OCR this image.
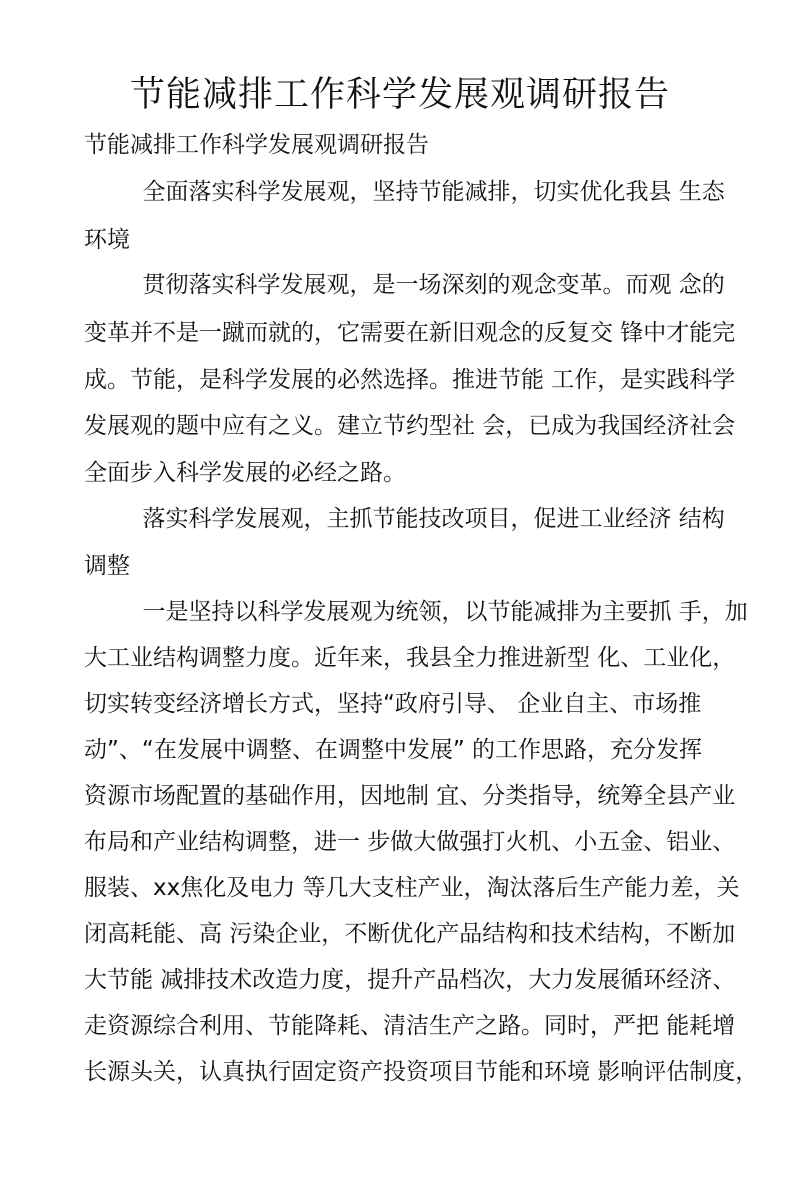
节能减排工作科学发展观调研报告
节能减排工作科学发展观调研报告
全面落实科学发展观，坚持节能减排，切实优化我县 生态
环境
贯彻落实科学发展观，是一场深刻的观念变革。而观 念的
变革并不是一蹴而就的，它需要在新旧观念的反复交 锋中才能完
成。节能，是科学发展的必然选择。推进节能 工作，是实践科学
发展观的题中应有之义。建立节约型社 会，已成为我国经济社会
全面步入科学发展的必经之路。
落实科学发展观，主抓节能技改项目，促进工业经济 结构
调整
一是坚持以科学发展观为统领，以节能减排为主要抓 手，加
大工业结构调整力度。近年来，我县全力推进新型 化、工业化，
切实转变经济增长方式，坚持“政府引导、 企业自主、市场推
动”、“在发展中调整、在调整中发展” 的工作思路，充分发挥
资源市场配置的基础作用，因地制 宜、分类指导，统筹全县产业
布局和产业结构调整，进一 步做大做强打火机、小五金、铝业、
服装、xx焦化及电力 等几大支柱产业，淘汰落后生产能力差，关
闭高耗能、高 污染企业，不断优化产品结构和技术结构，不断加
大节能 减排技术改造力度，提升产品档次，大力发展循环经济、
走资源综合利用、节能降耗、清洁生产之路。同时，严把 能耗增
长源头关，认真执行固定资产投资项目节能和环境 影响评估制度，
